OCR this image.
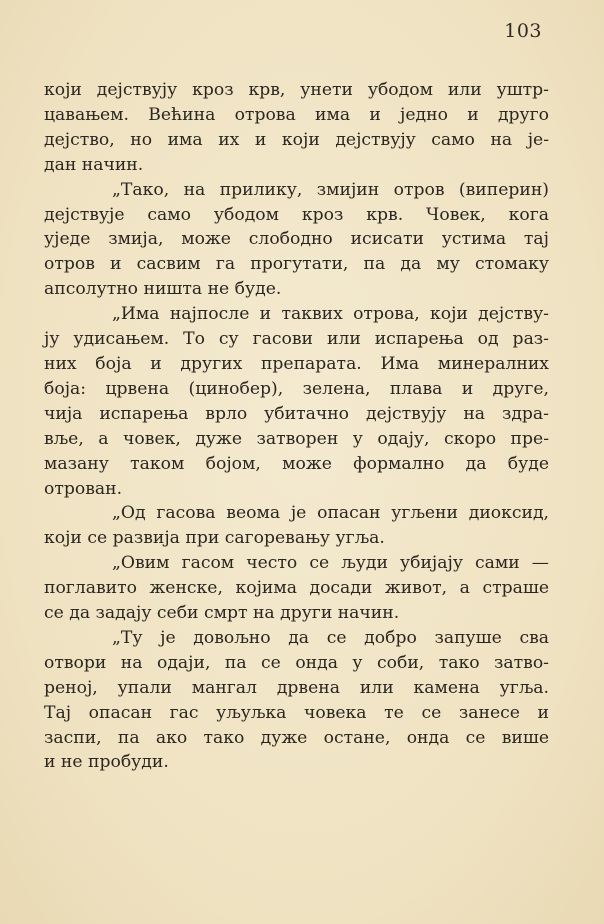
103

који дејствују кроз крв, унети убодом или уштр-
цавањем. Већина отрова има и једно и друго
дејство, но има их и који дејствују само на је-
дан начин.

„Тако, на прилику, змијин отров (виперин)
дејствује само убодом кроз крв. Човек, кога
уједе змија, може слободно исисати устима тај
отров и сасвим га прогутати, па да му стомаку
апсолутно ништа не буде.

„Има најпосле и таквих отрова, који дејству-
ју удисањем. То су гасови или испарења од раз-
них боја и других препарата. Има минералних
боја: црвена (цинобер), зелена, плава и друге,
чија испарења врло убитачно дејствују на здра-
вље, а човек, дуже затворен у одају, скоро пре-
мазану таком бојом, може формално да буде
отрован.

„Од гасова веома је опасан угљени диоксид,
који се развија при сагоревању угља.

„Овим гасом често се људи убијају сами —
поглавито женске, којима досади живот, а страше
се да задају себи смрт на други начин.

„Ту је довољно да се добро запуше сва
отвори на одаји, па се онда у соби, тако затво-
реној, упали мангал дрвена или камена угља.
Тај опасан гас уљуљка човека те се занесе и
заспи, па ако тако дуже остане, онда се више
и не пробуди.
